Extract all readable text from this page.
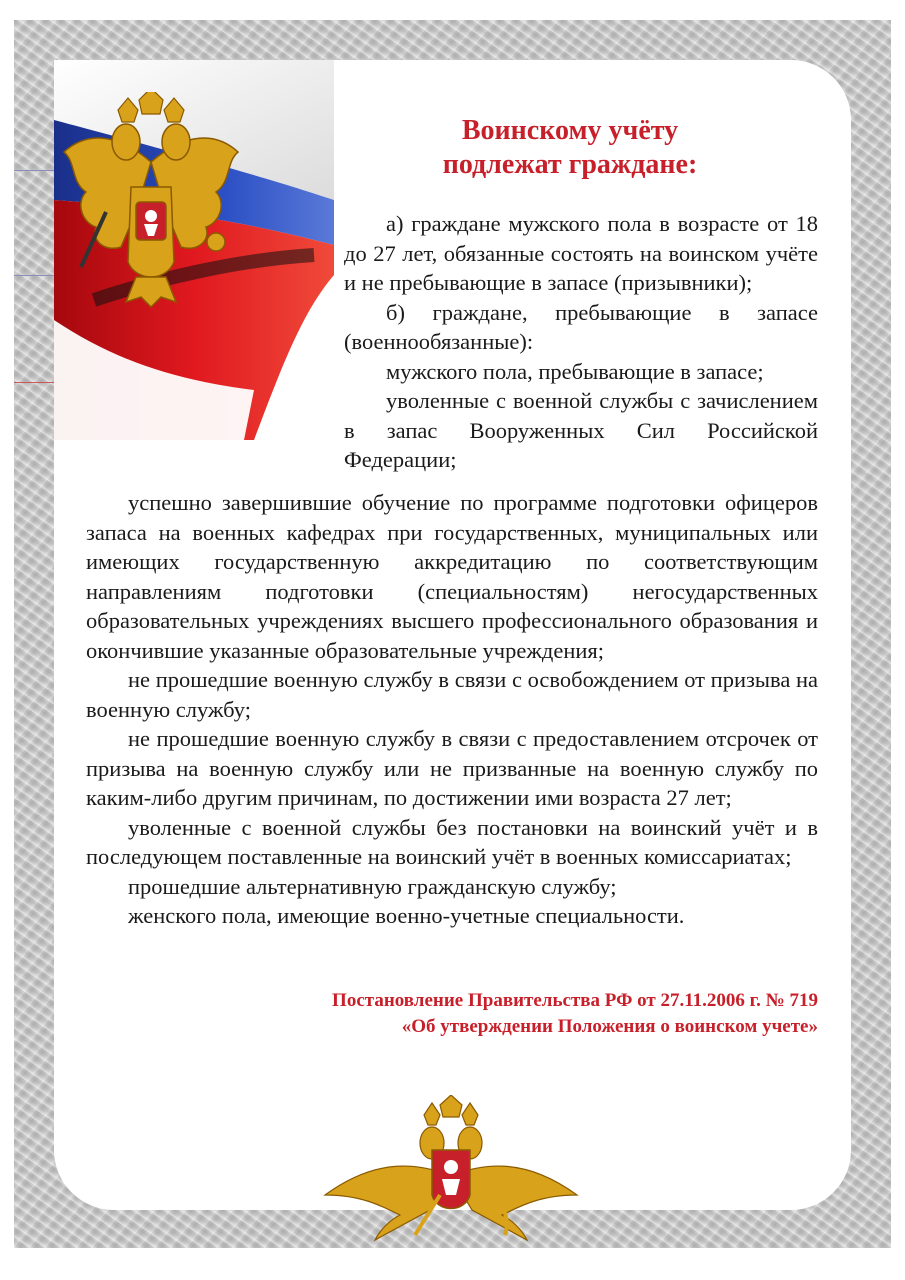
Воинскому учёту
подлежат граждане:

а) граждане мужского пола в возрасте от 18 до 27 лет, обязанные состоять на воинском учёте и не пребывающие в запасе (призывники);

б) граждане, пребывающие в запасе (военнообязанные):

мужского пола, пребывающие в запасе;

уволенные с военной службы с зачислением в запас Вооруженных Сил Российской Федерации;

успешно завершившие обучение по программе подготовки офицеров запаса на военных кафедрах при государственных, муниципальных или имеющих государственную аккредитацию по соответствующим направлениям подготовки (специальностям) негосударственных образовательных учреждениях высшего профессионального образования и окончившие указанные образовательные учреждения;

не прошедшие военную службу в связи с освобождением от призыва на военную службу;

не прошедшие военную службу в связи с предоставлением отсрочек от призыва на военную службу или не призванные на военную службу по каким-либо другим причинам, по достижении ими возраста 27 лет;

уволенные с военной службы без постановки на воинский учёт и в последующем поставленные на воинский учёт в военных комиссариатах;

прошедшие альтернативную гражданскую службу;

женского пола, имеющие военно-учетные специальности.

Постановление Правительства РФ от 27.11.2006 г. № 719
«Об утверждении Положения о воинском учете»
